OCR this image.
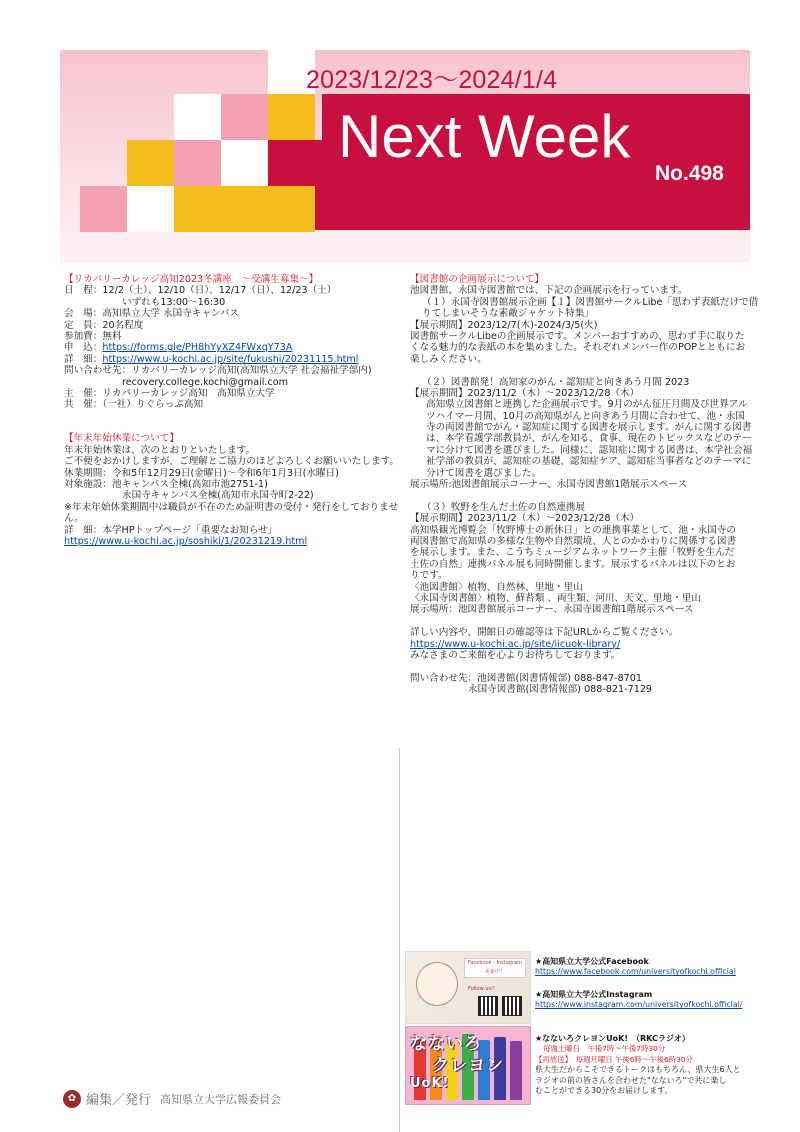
2023/12/23〜2024/1/4
Next Week
No.498
【リカバリーカレッジ高知2023冬講座　〜受講生募集〜】
日　程：12/2（土）、12/10（日）、12/17（日）、12/23（土）
いずれも13:00〜16:30
会　場：高知県立大学 永国寺キャンパス
定　員：20名程度
参加費：無料
申　込：https://forms.gle/PH8hYyXZ4FWxqY73A
詳　細：https://www.u-kochi.ac.jp/site/fukushi/20231115.html
問い合わせ先：リカバリーカレッジ高知(高知県立大学 社会福祉学部内)
recovery.college.kochi@gmail.com
主　催：リカバリーカレッジ高知　高知県立大学
共　催：（一社）りぐらっぷ高知
【年末年始休業について】
年末年始休業は、次のとおりといたします。
ご不便をおかけしますが、ご理解とご協力のほどよろしくお願いいたします。
休業期間：令和5年12月29日(金曜日)〜令和6年1月3日(水曜日)
対象施設：池キャンパス全棟(高知市池2751-1)
永国寺キャンパス全棟(高知市永国寺町2-22)
※年末年始休業期間中は職員が不在のため証明書の受付・発行をしておりませ
ん。
詳　細：本学HPトップページ「重要なお知らせ」
https://www.u-kochi.ac.jp/soshiki/1/20231219.html
【図書館の企画展示について】
池図書館、永国寺図書館では、下記の企画展示を行っています。
（１）永国寺図書館展示企画【１】図書館サークルLibe「思わず表紙だけで借
りてしまいそうな素敵ジャケット特集」
【展示期間】2023/12/7(木)-2024/3/5(火)
図書館サークルLibeの企画展示です。メンバーおすすめの、思わず手に取りた
くなる魅力的な表紙の本を集めました。それぞれメンバー作のPOPとともにお
楽しみください。
（２）図書館発！高知家のがん・認知症と向きあう月間 2023
【展示期間】2023/11/2（木）〜2023/12/28（木）
高知県立図書館と連携した企画展示です。9月のがん征圧月間及び世界アル
ツハイマー月間、10月の高知県がんと向きあう月間に合わせて、池・永国
寺の両図書館でがん・認知症に関する図書を展示します。がんに関する図書
は、本学看護学部教員が、がんを知る、食事、現在のトピックスなどのテー
マに分けて図書を選びました。同様に、認知症に関する図書は、本学社会福
祉学部の教員が、認知症の基礎、認知症ケア、認知症当事者などのテーマに
分けて図書を選びました。
展示場所:池図書館展示コーナー、永国寺図書館1階展示スペース
（３）牧野を生んだ土佐の自然連携展
【展示期間】2023/11/2（木）〜2023/12/28（木）
高知県観光博覧会「牧野博士の新休日」との連携事業として、池・永国寺の
両図書館で高知県の多様な生物や自然環境、人とのかかわりに関係する図書
を展示します。また、こうちミュージアムネットワーク主催「牧野を生んだ
土佐の自然」連携パネル展も同時開催します。展示するパネルは以下のとお
りです。
〈池図書館〉植物、自然林、里地・里山
〈永国寺図書館〉植物、蘚苔類 、両生類、河川、天文、里地・里山
展示場所：池図書館展示コーナー、永国寺図書館1階展示スペース
詳しい内容や、開館日の確認等は下記URLからご覧ください。
https://www.u-kochi.ac.jp/site/iicuok-library/
みなさまのご来館を心よりお待ちしております。
問い合わせ先：池図書館(図書情報部) 088-847-8701
永国寺図書館(図書情報部) 088-821-7129
Facebook・Instagram 更新中！
Follow us!!
なないろ
クレヨン
UoK!
★高知県立大学公式Facebook
https://www.facebook.com/universityofkochi.official
★高知県立大学公式Instagram
https://www.instagram.com/universityofkochi.official/
★なないろクレヨンUoK!　（RKCラジオ）
毎週土曜日　午後7時〜午後7時30分
【再放送】　毎週月曜日 午後6時〜午後6時30分
県大生だからこそできるトークはもちろん、県大生6人と
ラジオの前の皆さんを合わせた"なないろ"で共に楽し
むことができる30分をお届けします。
✿ 編集／発行 高知県立大学広報委員会
